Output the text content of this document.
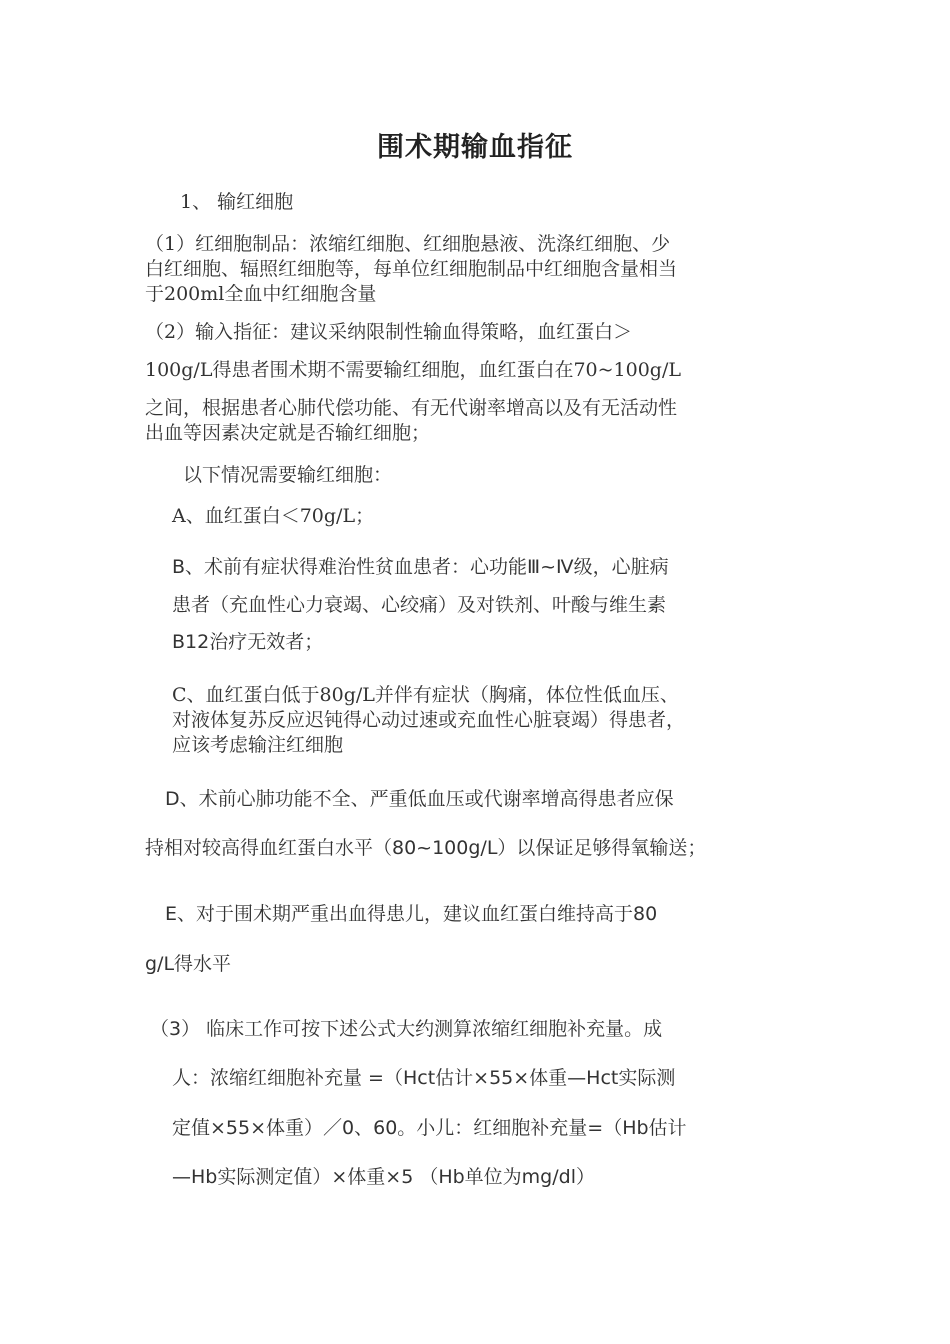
围术期输血指征

1、 输红细胞

（1）红细胞制品：浓缩红细胞、红细胞悬液、洗涤红细胞、少

白红细胞、辐照红细胞等，每单位红细胞制品中红细胞含量相当

于200ml全血中红细胞含量

（2）输入指征：建议采纳限制性输血得策略，血红蛋白＞

100g/L得患者围术期不需要输红细胞，血红蛋白在70~100g/L

之间，根据患者心肺代偿功能、有无代谢率增高以及有无活动性

出血等因素决定就是否输红细胞；

以下情况需要输红细胞：

A、血红蛋白＜70g/L；

B、术前有症状得难治性贫血患者：心功能Ⅲ~Ⅳ级，心脏病

患者（充血性心力衰竭、心绞痛）及对铁剂、叶酸与维生素

B12治疗无效者；

C、血红蛋白低于80g/L并伴有症状（胸痛，体位性低血压、

对液体复苏反应迟钝得心动过速或充血性心脏衰竭）得患者，

应该考虑输注红细胞

D、术前心肺功能不全、严重低血压或代谢率增高得患者应保

持相对较高得血红蛋白水平（80~100g/L）以保证足够得氧输送；

E、对于围术期严重出血得患儿，建议血红蛋白维持高于80

g/L得水平

（3） 临床工作可按下述公式大约测算浓缩红细胞补充量。成

人：浓缩红细胞补充量 =（Hct估计×55×体重—Hct实际测

定值×55×体重）／0、60。小儿：红细胞补充量=（Hb估计

—Hb实际测定值）×体重×5 （Hb单位为mg/dl）
